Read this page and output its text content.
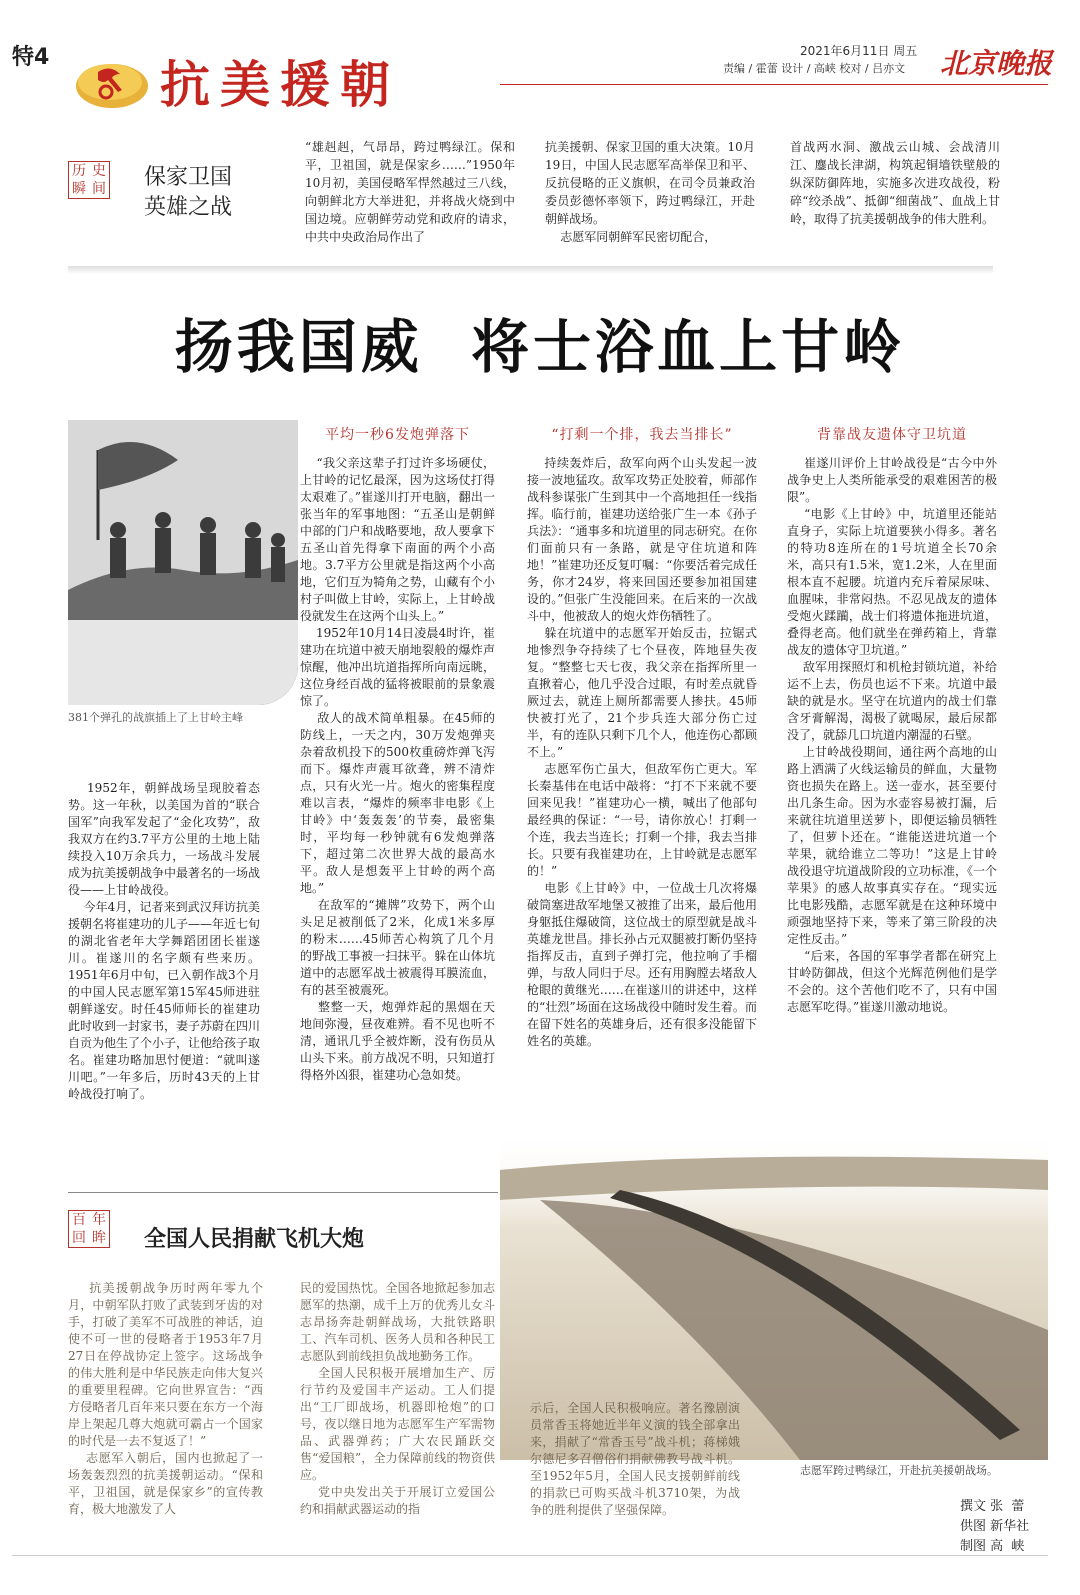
特4 抗美援朝
2021年6月11日 周五
责编 / 霍蕾 设计 / 高峡 校对 / 吕亦文 北京晚报
历 史
瞬 间 保家卫国
英雄之战
“雄赳赳，气昂昂，跨过鸭绿江。保和平，卫祖国，就是保家乡……”1950年10月初，美国侵略军悍然越过三八线，向朝鲜北方大举进犯，并将战火烧到中国边境。应朝鲜劳动党和政府的请求，中共中央政治局作出了
抗美援朝、保家卫国的重大决策。10月19日，中国人民志愿军高举保卫和平、反抗侵略的正义旗帜，在司令员兼政治委员彭德怀率领下，跨过鸭绿江，开赴朝鲜战场。
志愿军同朝鲜军民密切配合，
首战两水洞、激战云山城、会战清川江、鏖战长津湖，构筑起铜墙铁壁般的纵深防御阵地，实施多次进攻战役，粉碎“绞杀战”、抵御“细菌战”、血战上甘岭，取得了抗美援朝战争的伟大胜利。
扬我国威  将士浴血上甘岭
381个弹孔的战旗插上了上甘岭主峰
1952年，朝鲜战场呈现胶着态势。这一年秋，以美国为首的“联合国军”向我军发起了“金化攻势”，敌我双方在约3.7平方公里的土地上陆续投入10万余兵力，一场战斗发展成为抗美援朝战争中最著名的一场战役——上甘岭战役。
今年4月，记者来到武汉拜访抗美援朝名将崔建功的儿子——年近七旬的湖北省老年大学舞蹈团团长崔遂川。崔遂川的名字颇有些来历。1951年6月中旬，已入朝作战3个月的中国人民志愿军第15军45师进驻朝鲜遂安。时任45师师长的崔建功此时收到一封家书，妻子苏蔚在四川自贡为他生了个小子，让他给孩子取名。崔建功略加思忖便道：“就叫遂川吧。”一年多后，历时43天的上甘岭战役打响了。
平均一秒6发炮弹落下
“我父亲这辈子打过许多场硬仗，上甘岭的记忆最深，因为这场仗打得太艰难了。”崔遂川打开电脑，翻出一张当年的军事地图：“五圣山是朝鲜中部的门户和战略要地，敌人要拿下五圣山首先得拿下南面的两个小高地。3.7平方公里就是指这两个小高地，它们互为犄角之势，山藏有个小村子叫做上甘岭，实际上，上甘岭战役就发生在这两个山头上。”
1952年10月14日凌晨4时许，崔建功在坑道中被天崩地裂般的爆炸声惊醒，他冲出坑道指挥所向南远眺，这位身经百战的猛将被眼前的景象震惊了。
敌人的战术简单粗暴。在45师的防线上，一天之内，30万发炮弹夹杂着敌机投下的500枚重磅炸弹飞泻而下。爆炸声震耳欲聋，辨不清炸点，只有火光一片。炮火的密集程度难以言表，“爆炸的频率非电影《上甘岭》中‘轰轰轰’的节奏，最密集时，平均每一秒钟就有6发炮弹落下，超过第二次世界大战的最高水平。敌人是想轰平上甘岭的两个高地。”
在敌军的“摊牌”攻势下，两个山头足足被削低了2米，化成1米多厚的粉末……45师苦心构筑了几个月的野战工事被一扫抹平。躲在山体坑道中的志愿军战士被震得耳膜流血，有的甚至被震死。
整整一天，炮弹炸起的黑烟在天地间弥漫，昼夜难辨。看不见也听不清，通讯几乎全被炸断，没有伤员从山头下来。前方战况不明，只知道打得格外凶狠，崔建功心急如焚。
“打剩一个排，我去当排长”
持续轰炸后，敌军向两个山头发起一波接一波地猛攻。敌军攻势正处胶着，师部作战科参谋张广生到其中一个高地担任一线指挥。临行前，崔建功送给张广生一本《孙子兵法》：“通事多和坑道里的同志研究。在你们面前只有一条路，就是守住坑道和阵地！”崔建功还反复叮嘱：“你要活着完成任务，你才24岁，将来回国还要参加祖国建设的。”但张广生没能回来。在后来的一次战斗中，他被敌人的炮火炸伤牺牲了。
躲在坑道中的志愿军开始反击，拉锯式地惨烈争夺持续了七个昼夜，阵地昼失夜复。“整整七天七夜，我父亲在指挥所里一直揪着心，他几乎没合过眼，有时差点就昏厥过去，就连上厕所都需要人掺扶。45师快被打光了，21个步兵连大部分伤亡过半，有的连队只剩下几个人，他连伤心都顾不上。”
志愿军伤亡虽大，但敌军伤亡更大。军长秦基伟在电话中敲将：“打不下来就不要回来见我！”崔建功心一横，喊出了他部句最经典的保证：“一号，请你放心！打剩一个连，我去当连长；打剩一个排，我去当排长。只要有我崔建功在，上甘岭就是志愿军的！”
电影《上甘岭》中，一位战士几次将爆破筒塞进敌军地堡又被推了出来，最后他用身躯抵住爆破筒，这位战士的原型就是战斗英雄龙世昌。排长孙占元双腿被打断仍坚持指挥反击，直到子弹打完，他拉响了手榴弹，与敌人同归于尽。还有用胸膛去堵敌人枪眼的黄继光……在崔遂川的讲述中，这样的“壮烈”场面在这场战役中随时发生着。而在留下姓名的英雄身后，还有很多没能留下姓名的英雄。
背靠战友遗体守卫坑道
崔遂川评价上甘岭战役是“古今中外战争史上人类所能承受的艰难困苦的极限”。
“电影《上甘岭》中，坑道里还能站直身子，实际上坑道要狭小得多。著名的特功8连所在的1号坑道全长70余米，高只有1.5米，宽1.2米，人在里面根本直不起腰。坑道内充斥着屎尿味、血腥味，非常闷热。不忍见战友的遗体受炮火蹂躏，战士们将遗体拖进坑道，叠得老高。他们就坐在弹药箱上，背靠战友的遗体守卫坑道。”
敌军用探照灯和机枪封锁坑道，补给运不上去，伤员也运不下来。坑道中最缺的就是水。坚守在坑道内的战士们靠含牙膏解渴，渴极了就喝尿，最后尿都没了，就舔几口坑道内潮湿的石壁。
上甘岭战役期间，通往两个高地的山路上洒满了火线运输员的鲜血，大量物资也损失在路上。送一壶水，甚至要付出几条生命。因为水壶容易被打漏，后来就往坑道里送萝卜，即便运输员牺牲了，但萝卜还在。“谁能送进坑道一个苹果，就给谁立二等功！”这是上甘岭战役退守坑道战阶段的立功标准，《一个苹果》的感人故事真实存在。“现实远比电影残酷，志愿军就是在这种环境中顽强地坚持下来，等来了第三阶段的决定性反击。”
“后来，各国的军事学者都在研究上甘岭防御战，但这个光辉范例他们是学不会的。这个苦他们吃不了，只有中国志愿军吃得。”崔遂川激动地说。
志愿军跨过鸭绿江，开赴抗美援朝战场。
百 年
回 眸 全国人民捐献飞机大炮
抗美援朝战争历时两年零九个月，中朝军队打败了武装到牙齿的对手，打破了美军不可战胜的神话，迫使不可一世的侵略者于1953年7月27日在停战协定上签字。这场战争的伟大胜利是中华民族走向伟大复兴的重要里程碑。它向世界宣告：“西方侵略者几百年来只要在东方一个海岸上架起几尊大炮就可霸占一个国家的时代是一去不复返了！”
志愿军入朝后，国内也掀起了一场轰轰烈烈的抗美援朝运动。“保和平，卫祖国，就是保家乡”的宣传教育，极大地激发了人
民的爱国热忱。全国各地掀起参加志愿军的热潮，成千上万的优秀儿女斗志昂扬奔赴朝鲜战场，大批铁路职工、汽车司机、医务人员和各种民工志愿队到前线担负战地勤务工作。
全国人民积极开展增加生产、厉行节约及爱国丰产运动。工人们提出“工厂即战场，机器即枪炮”的口号，夜以继日地为志愿军生产军需物品、武器弹药；广大农民踊跃交售“爱国粮”，全力保障前线的物资供应。
党中央发出关于开展订立爱国公约和捐献武器运动的指
示后，全国人民积极响应。著名豫剧演员常香玉将她近半年义演的钱全部拿出来，捐献了“常香玉号”战斗机；蒋梯娥尔德尼多召僧俗们捐献佛教号战斗机。至1952年5月，全国人民支援朝鲜前线的捐款已可购买战斗机3710架，为战争的胜利提供了坚强保障。	撰文 张  蕾
供图 新华社
制图 高  峡
